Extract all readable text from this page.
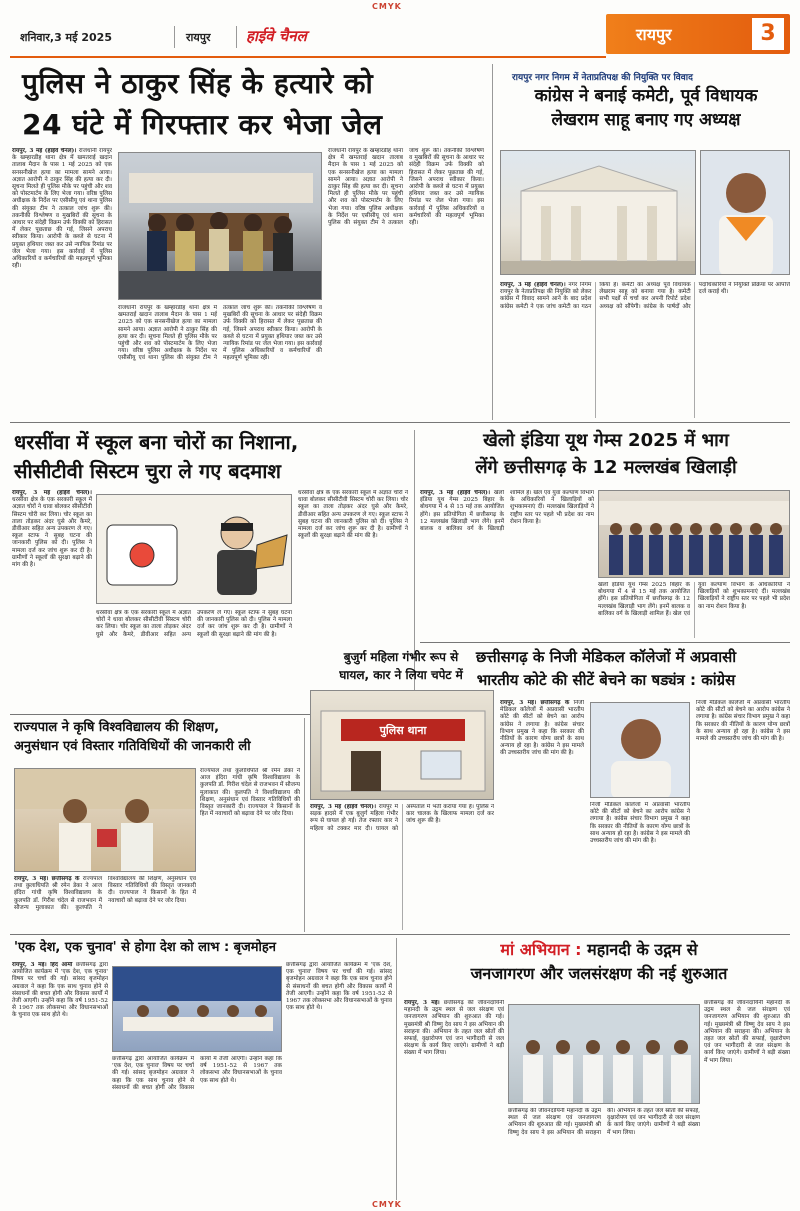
CMYK
शनिवार,3 मई 2025	रायपुर हाईवे चैनल	रायपुर	3
पुलिस ने ठाकुर सिंह के हत्यारे को
24 घंटे में गिरफ्तार कर भेजा जेल
रायपुर, 3 मई (हाईवे चैनल)। राजधानी रायपुर के खम्हारडीह थाना क्षेत्र में खमतराई खदान तालाब मैदान के पास 1 मई 2025 को एक सनसनीखेज हत्या का मामला सामने आया। अज्ञात आरोपी ने ठाकुर सिंह की हत्या कर दी। सूचना मिलते ही पुलिस मौके पर पहुंची और शव को पोस्टमार्टम के लिए भेजा गया। वरिष्ठ पुलिस अधीक्षक के निर्देश पर एसीसीयू एवं थाना पुलिस की संयुक्त टीम ने तत्काल जांच शुरू की। तकनीकी विश्लेषण व मुखबिरों की सूचना के आधार पर संदेही विक्रम उर्फ विक्की को हिरासत में लेकर पूछताछ की गई, जिसने अपराध स्वीकार किया। आरोपी के कब्जे से घटना में प्रयुक्त हथियार जब्त कर उसे न्यायिक रिमांड पर जेल भेजा गया। इस कार्रवाई में पुलिस अधिकारियों व कर्मचारियों की महत्वपूर्ण भूमिका रही।
राजधानी रायपुर के खम्हारडीह थाना क्षेत्र में खमतराई खदान तालाब मैदान के पास 1 मई 2025 को एक सनसनीखेज हत्या का मामला सामने आया। अज्ञात आरोपी ने ठाकुर सिंह की हत्या कर दी। सूचना मिलते ही पुलिस मौके पर पहुंची और शव को पोस्टमार्टम के लिए भेजा गया। वरिष्ठ पुलिस अधीक्षक के निर्देश पर एसीसीयू एवं थाना पुलिस की संयुक्त टीम ने तत्काल जांच शुरू की। तकनीकी विश्लेषण व मुखबिरों की सूचना के आधार पर संदेही विक्रम उर्फ विक्की को हिरासत में लेकर पूछताछ की गई, जिसने अपराध स्वीकार किया। आरोपी के कब्जे से घटना में प्रयुक्त हथियार जब्त कर उसे न्यायिक रिमांड पर जेल भेजा गया। इस कार्रवाई में पुलिस अधिकारियों व कर्मचारियों की महत्वपूर्ण भूमिका रही।
राजधानी रायपुर के खम्हारडीह थाना क्षेत्र में खमतराई खदान तालाब मैदान के पास 1 मई 2025 को एक सनसनीखेज हत्या का मामला सामने आया। अज्ञात आरोपी ने ठाकुर सिंह की हत्या कर दी। सूचना मिलते ही पुलिस मौके पर पहुंची और शव को पोस्टमार्टम के लिए भेजा गया। वरिष्ठ पुलिस अधीक्षक के निर्देश पर एसीसीयू एवं थाना पुलिस की संयुक्त टीम ने तत्काल जांच शुरू की। तकनीकी विश्लेषण व मुखबिरों की सूचना के आधार पर संदेही विक्रम उर्फ विक्की को हिरासत में लेकर पूछताछ की गई, जिसने अपराध स्वीकार किया। आरोपी के कब्जे से घटना में प्रयुक्त हथियार जब्त कर उसे न्यायिक रिमांड पर जेल भेजा गया। इस कार्रवाई में पुलिस अधिकारियों व कर्मचारियों की महत्वपूर्ण भूमिका रही।
रायपुर नगर निगम में नेताप्रतिपक्ष की नियुक्ति पर विवाद
कांग्रेस ने बनाई कमेटी, पूर्व विधायक
लेखराम साहू बनाए गए अध्यक्ष
रायपुर, 3 मई (हाईवे चैनल)। नगर निगम रायपुर के नेताप्रतिपक्ष की नियुक्ति को लेकर कांग्रेस में विवाद सामने आने के बाद प्रदेश कांग्रेस कमेटी ने एक जांच कमेटी का गठन किया है। कमेटी का अध्यक्ष पूर्व विधायक लेखराम साहू को बनाया गया है। कमेटी सभी पक्षों से चर्चा कर अपनी रिपोर्ट प्रदेश अध्यक्ष को सौंपेगी। कांग्रेस के पार्षदों और पदाधिकारियों ने नियुक्ति प्रक्रिया पर आपत्ति दर्ज कराई थी।
धरसींवा में स्कूल बना चोरों का निशाना,
सीसीटीवी सिस्टम चुरा ले गए बदमाश
रायपुर, 3 मई (हाईवे चैनल)। धरसींवा क्षेत्र के एक सरकारी स्कूल में अज्ञात चोरों ने धावा बोलकर सीसीटीवी सिस्टम चोरी कर लिया। चोर स्कूल का ताला तोड़कर अंदर घुसे और कैमरे, डीवीआर सहित अन्य उपकरण ले गए। स्कूल स्टाफ ने सुबह घटना की जानकारी पुलिस को दी। पुलिस ने मामला दर्ज कर जांच शुरू कर दी है। ग्रामीणों ने स्कूलों की सुरक्षा बढ़ाने की मांग की है।
धरसींवा क्षेत्र के एक सरकारी स्कूल में अज्ञात चोरों ने धावा बोलकर सीसीटीवी सिस्टम चोरी कर लिया। चोर स्कूल का ताला तोड़कर अंदर घुसे और कैमरे, डीवीआर सहित अन्य उपकरण ले गए। स्कूल स्टाफ ने सुबह घटना की जानकारी पुलिस को दी। पुलिस ने मामला दर्ज कर जांच शुरू कर दी है। ग्रामीणों ने स्कूलों की सुरक्षा बढ़ाने की मांग की है।
धरसींवा क्षेत्र के एक सरकारी स्कूल में अज्ञात चोरों ने धावा बोलकर सीसीटीवी सिस्टम चोरी कर लिया। चोर स्कूल का ताला तोड़कर अंदर घुसे और कैमरे, डीवीआर सहित अन्य उपकरण ले गए। स्कूल स्टाफ ने सुबह घटना की जानकारी पुलिस को दी। पुलिस ने मामला दर्ज कर जांच शुरू कर दी है। ग्रामीणों ने स्कूलों की सुरक्षा बढ़ाने की मांग की है।
खेलो इंडिया यूथ गेम्स 2025 में भाग
लेंगे छत्तीसगढ़ के 12 मल्लखंब खिलाड़ी
रायपुर, 3 मई (हाईवे चैनल)। खेलो इंडिया यूथ गेम्स 2025 बिहार के बोधगया में 4 से 15 मई तक आयोजित होंगे। इस प्रतियोगिता में छत्तीसगढ़ के 12 मल्लखंब खिलाड़ी भाग लेंगे। इनमें बालक व बालिका वर्ग के खिलाड़ी शामिल हैं। खेल एवं युवा कल्याण विभाग के अधिकारियों ने खिलाड़ियों को शुभकामनाएं दीं। मल्लखंब खिलाड़ियों ने राष्ट्रीय स्तर पर पहले भी प्रदेश का नाम रोशन किया है।
खेलो इंडिया यूथ गेम्स 2025 बिहार के बोधगया में 4 से 15 मई तक आयोजित होंगे। इस प्रतियोगिता में छत्तीसगढ़ के 12 मल्लखंब खिलाड़ी भाग लेंगे। इनमें बालक व बालिका वर्ग के खिलाड़ी शामिल हैं। खेल एवं युवा कल्याण विभाग के अधिकारियों ने खिलाड़ियों को शुभकामनाएं दीं। मल्लखंब खिलाड़ियों ने राष्ट्रीय स्तर पर पहले भी प्रदेश का नाम रोशन किया है।
छत्तीसगढ़ के निजी मेडिकल कॉलेजों में अप्रवासी
भारतीय कोटे की सीटें बेचने का षड्यंत्र : कांग्रेस
रायपुर, 3 मई। छत्तीसगढ़ के निजी मेडिकल कॉलेजों में अप्रवासी भारतीय कोटे की सीटों को बेचने का आरोप कांग्रेस ने लगाया है। कांग्रेस संचार विभाग प्रमुख ने कहा कि सरकार की नीतियों के कारण योग्य छात्रों के साथ अन्याय हो रहा है। कांग्रेस ने इस मामले की उच्चस्तरीय जांच की मांग की है।
निजी मेडिकल कॉलेजों में अप्रवासी भारतीय कोटे की सीटों को बेचने का आरोप कांग्रेस ने लगाया है। कांग्रेस संचार विभाग प्रमुख ने कहा कि सरकार की नीतियों के कारण योग्य छात्रों के साथ अन्याय हो रहा है। कांग्रेस ने इस मामले की उच्चस्तरीय जांच की मांग की है।
निजी मेडिकल कॉलेजों में अप्रवासी भारतीय कोटे की सीटों को बेचने का आरोप कांग्रेस ने लगाया है। कांग्रेस संचार विभाग प्रमुख ने कहा कि सरकार की नीतियों के कारण योग्य छात्रों के साथ अन्याय हो रहा है। कांग्रेस ने इस मामले की उच्चस्तरीय जांच की मांग की है।
राज्यपाल ने कृषि विश्वविद्यालय की शिक्षण,
अनुसंधान एवं विस्तार गतिविधियों की जानकारी ली
रायपुर, 3 मई। छत्तीसगढ़ के राज्यपाल तथा कुलाधिपति श्री रमेन डेका ने आज इंदिरा गांधी कृषि विश्वविद्यालय के कुलपति डॉ. गिरीश चंदेल से राजभवन में सौजन्य मुलाकात की। कुलपति ने विश्वविद्यालय की शिक्षण, अनुसंधान एवं विस्तार गतिविधियों की विस्तृत जानकारी दी। राज्यपाल ने किसानों के हित में नवाचारों को बढ़ावा देने पर जोर दिया।
राज्यपाल तथा कुलाधिपति श्री रमेन डेका ने आज इंदिरा गांधी कृषि विश्वविद्यालय के कुलपति डॉ. गिरीश चंदेल से राजभवन में सौजन्य मुलाकात की। कुलपति ने विश्वविद्यालय की शिक्षण, अनुसंधान एवं विस्तार गतिविधियों की विस्तृत जानकारी दी। राज्यपाल ने किसानों के हित में नवाचारों को बढ़ावा देने पर जोर दिया।
बुजुर्ग महिला गंभीर रूप से
घायल, कार ने लिया चपेट में
पुलिस थाना
रायपुर, 3 मई (हाईवे चैनल)। रायपुर में सड़क हादसे में एक बुजुर्ग महिला गंभीर रूप से घायल हो गई। तेज रफ्तार कार ने महिला को टक्कर मार दी। घायल को अस्पताल में भर्ती कराया गया है। पुलिस ने कार चालक के खिलाफ मामला दर्ज कर जांच शुरू की है।
'एक देश, एक चुनाव' से होगा देश को लाभ : बृजमोहन
रायपुर, 3 मई। हिंद आर्मी छत्तीसगढ़ द्वारा आयोजित कार्यक्रम में 'एक देश, एक चुनाव' विषय पर चर्चा की गई। सांसद बृजमोहन अग्रवाल ने कहा कि एक साथ चुनाव होने से संसाधनों की बचत होगी और विकास कार्यों में तेजी आएगी। उन्होंने कहा कि वर्ष 1951-52 से 1967 तक लोकसभा और विधानसभाओं के चुनाव एक साथ होते थे।
छत्तीसगढ़ द्वारा आयोजित कार्यक्रम में 'एक देश, एक चुनाव' विषय पर चर्चा की गई। सांसद बृजमोहन अग्रवाल ने कहा कि एक साथ चुनाव होने से संसाधनों की बचत होगी और विकास कार्यों में तेजी आएगी। उन्होंने कहा कि वर्ष 1951-52 से 1967 तक लोकसभा और विधानसभाओं के चुनाव एक साथ होते थे।
छत्तीसगढ़ द्वारा आयोजित कार्यक्रम में 'एक देश, एक चुनाव' विषय पर चर्चा की गई। सांसद बृजमोहन अग्रवाल ने कहा कि एक साथ चुनाव होने से संसाधनों की बचत होगी और विकास कार्यों में तेजी आएगी। उन्होंने कहा कि वर्ष 1951-52 से 1967 तक लोकसभा और विधानसभाओं के चुनाव एक साथ होते थे।
मां अभियान : महानदी के उद्गम से
जनजागरण और जलसंरक्षण की नई शुरुआत
रायपुर, 3 मई। छत्तीसगढ़ की जीवनदायिनी महानदी के उद्गम स्थल से जल संरक्षण एवं जनजागरण अभियान की शुरुआत की गई। मुख्यमंत्री श्री विष्णु देव साय ने इस अभियान की सराहना की। अभियान के तहत जल स्रोतों की सफाई, वृक्षारोपण एवं जन भागीदारी से जल संरक्षण के कार्य किए जाएंगे। ग्रामीणों ने बड़ी संख्या में भाग लिया।
छत्तीसगढ़ की जीवनदायिनी महानदी के उद्गम स्थल से जल संरक्षण एवं जनजागरण अभियान की शुरुआत की गई। मुख्यमंत्री श्री विष्णु देव साय ने इस अभियान की सराहना की। अभियान के तहत जल स्रोतों की सफाई, वृक्षारोपण एवं जन भागीदारी से जल संरक्षण के कार्य किए जाएंगे। ग्रामीणों ने बड़ी संख्या में भाग लिया।
छत्तीसगढ़ की जीवनदायिनी महानदी के उद्गम स्थल से जल संरक्षण एवं जनजागरण अभियान की शुरुआत की गई। मुख्यमंत्री श्री विष्णु देव साय ने इस अभियान की सराहना की। अभियान के तहत जल स्रोतों की सफाई, वृक्षारोपण एवं जन भागीदारी से जल संरक्षण के कार्य किए जाएंगे। ग्रामीणों ने बड़ी संख्या में भाग लिया।
CMYK
